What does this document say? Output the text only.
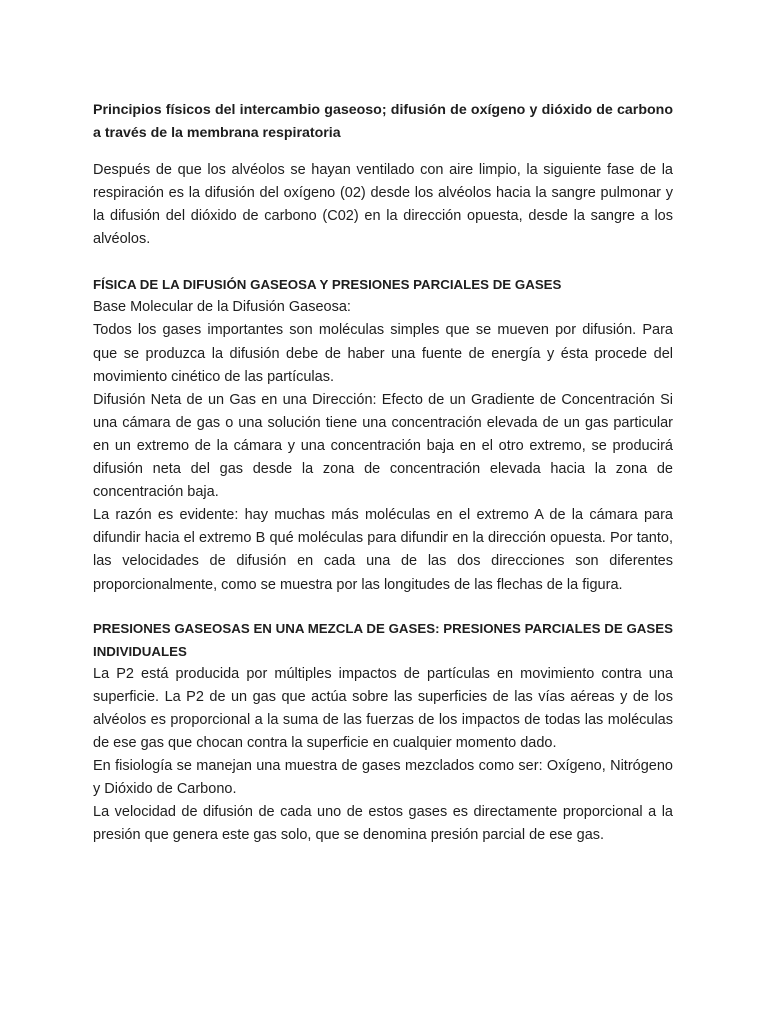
Principios físicos del intercambio gaseoso; difusión de oxígeno y dióxido de carbono a través de la membrana respiratoria

Después de que los alvéolos se hayan ventilado con aire limpio, la siguiente fase de la respiración es la difusión del oxígeno (02) desde los alvéolos hacia la sangre pulmonar y la difusión del dióxido de carbono (C02) en la dirección opuesta, desde la sangre a los alvéolos.

FÍSICA DE LA DIFUSIÓN GASEOSA Y PRESIONES PARCIALES DE GASES

Base Molecular de la Difusión Gaseosa:

Todos los gases importantes son moléculas simples que se mueven por difusión. Para que se produzca la difusión debe de haber una fuente de energía y ésta procede del movimiento cinético de las partículas.

Difusión Neta de un Gas en una Dirección: Efecto de un Gradiente de Concentración Si una cámara de gas o una solución tiene una concentración elevada de un gas particular en un extremo de la cámara y una concentración baja en el otro extremo, se producirá difusión neta del gas desde la zona de concentración elevada hacia la zona de concentración baja.

La razón es evidente: hay muchas más moléculas en el extremo A de la cámara para difundir hacia el extremo B qué moléculas para difundir en la dirección opuesta. Por tanto, las velocidades de difusión en cada una de las dos direcciones son diferentes proporcionalmente, como se muestra por las longitudes de las flechas de la figura.

PRESIONES GASEOSAS EN UNA MEZCLA DE GASES: PRESIONES PARCIALES DE GASES INDIVIDUALES

La P2 está producida por múltiples impactos de partículas en movimiento contra una superficie. La P2 de un gas que actúa sobre las superficies de las vías aéreas y de los alvéolos es proporcional a la suma de las fuerzas de los impactos de todas las moléculas de ese gas que chocan contra la superficie en cualquier momento dado.

En fisiología se manejan una muestra de gases mezclados como ser: Oxígeno, Nitrógeno y Dióxido de Carbono.

La velocidad de difusión de cada uno de estos gases es directamente proporcional a la presión que genera este gas solo, que se denomina presión parcial de ese gas.
